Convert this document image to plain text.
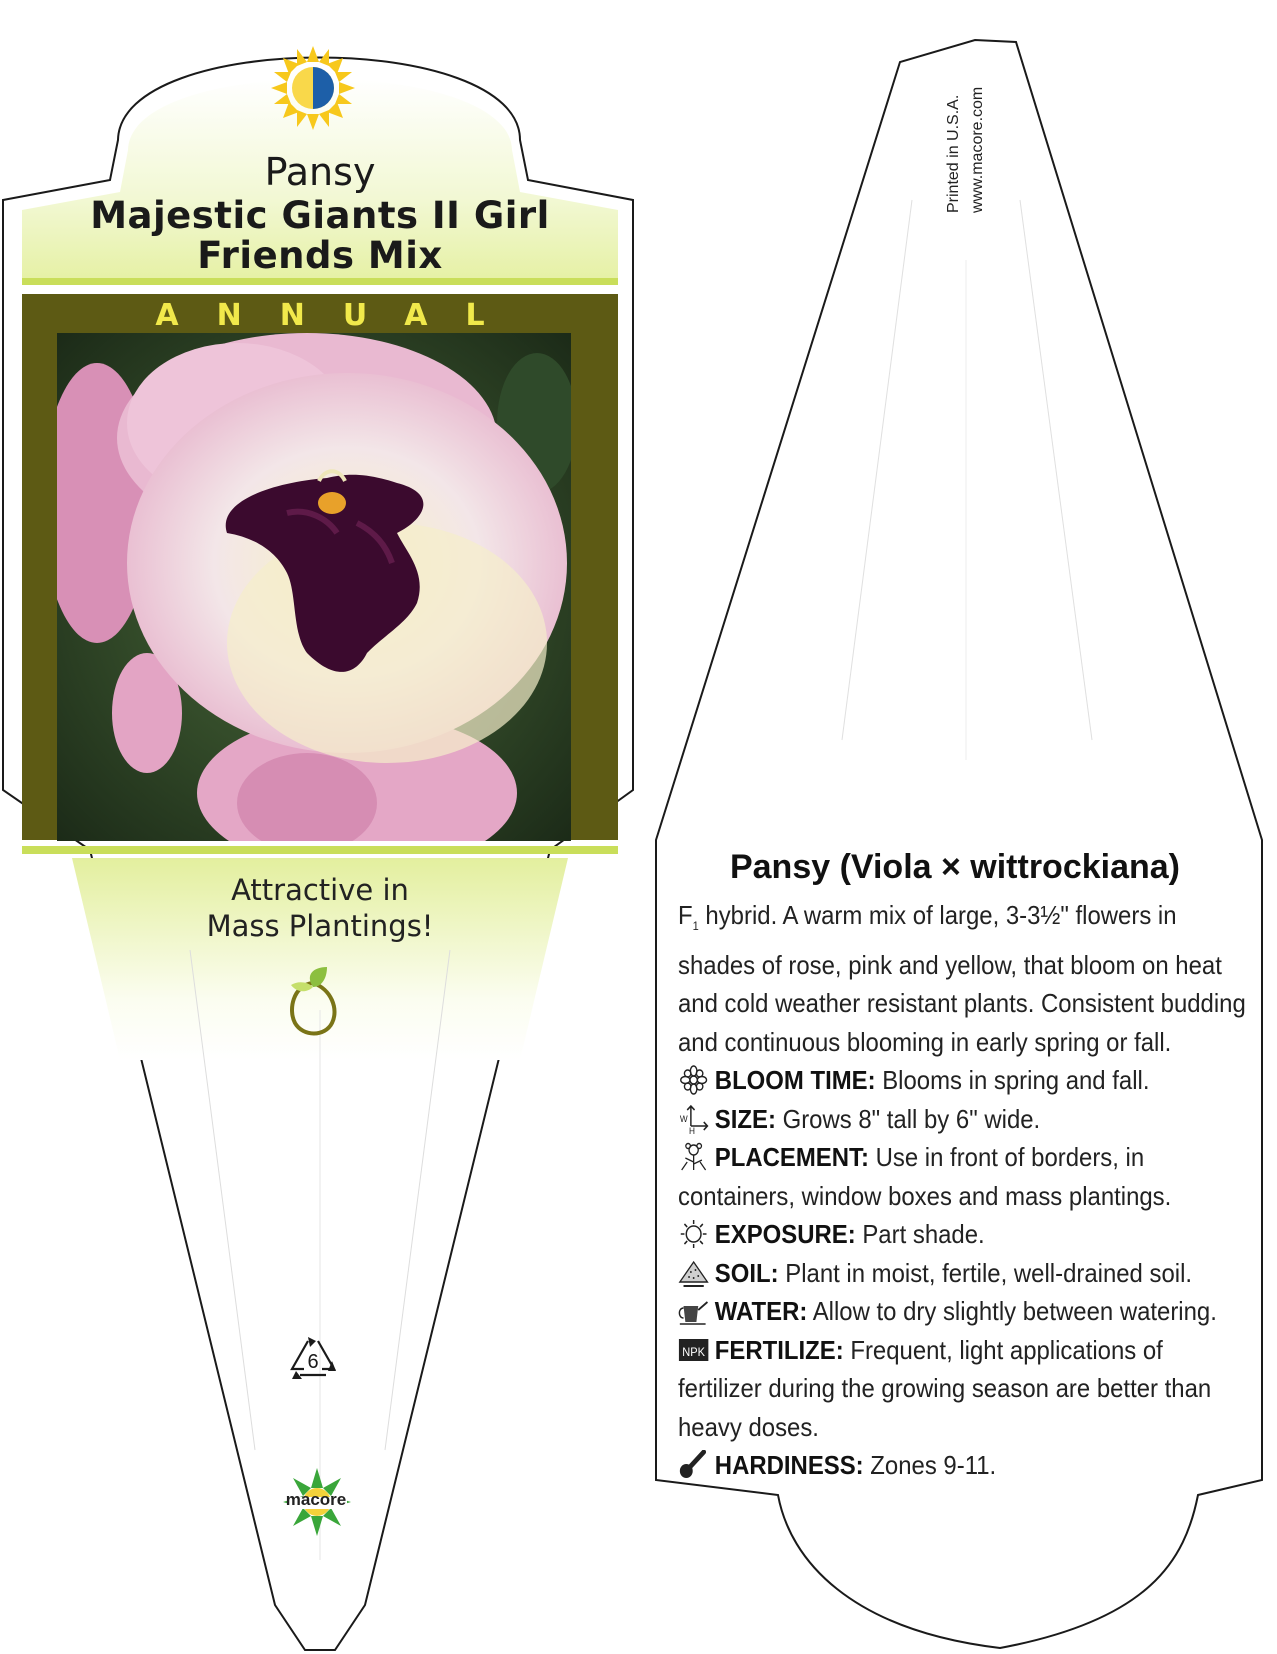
Pansy
Majestic Giants II Girl
Friends Mix
ANNUAL
Attractive in
Mass Plantings!
6
macore
Printed in U.S.A. www.macore.com
Pansy (Viola × wittrockiana)

$F_1$ hybrid. A warm mix of large, 3-3½" flowers in shades of rose, pink and yellow, that bloom on heat and cold weather resistant plants. Consistent budding and continuous blooming in early spring or fall.

BLOOM TIME: Blooms in spring and fall.

W
H SIZE: Grows 8" tall by 6" wide.

PLACEMENT: Use in front of borders, in containers, window boxes and mass plantings.

EXPOSURE: Part shade.

SOIL: Plant in moist, fertile, well-drained soil.

WATER: Allow to dry slightly between watering.

NPK FERTILIZE: Frequent, light applications of fertilizer during the growing season are better than heavy doses.

HARDINESS: Zones 9-11.
